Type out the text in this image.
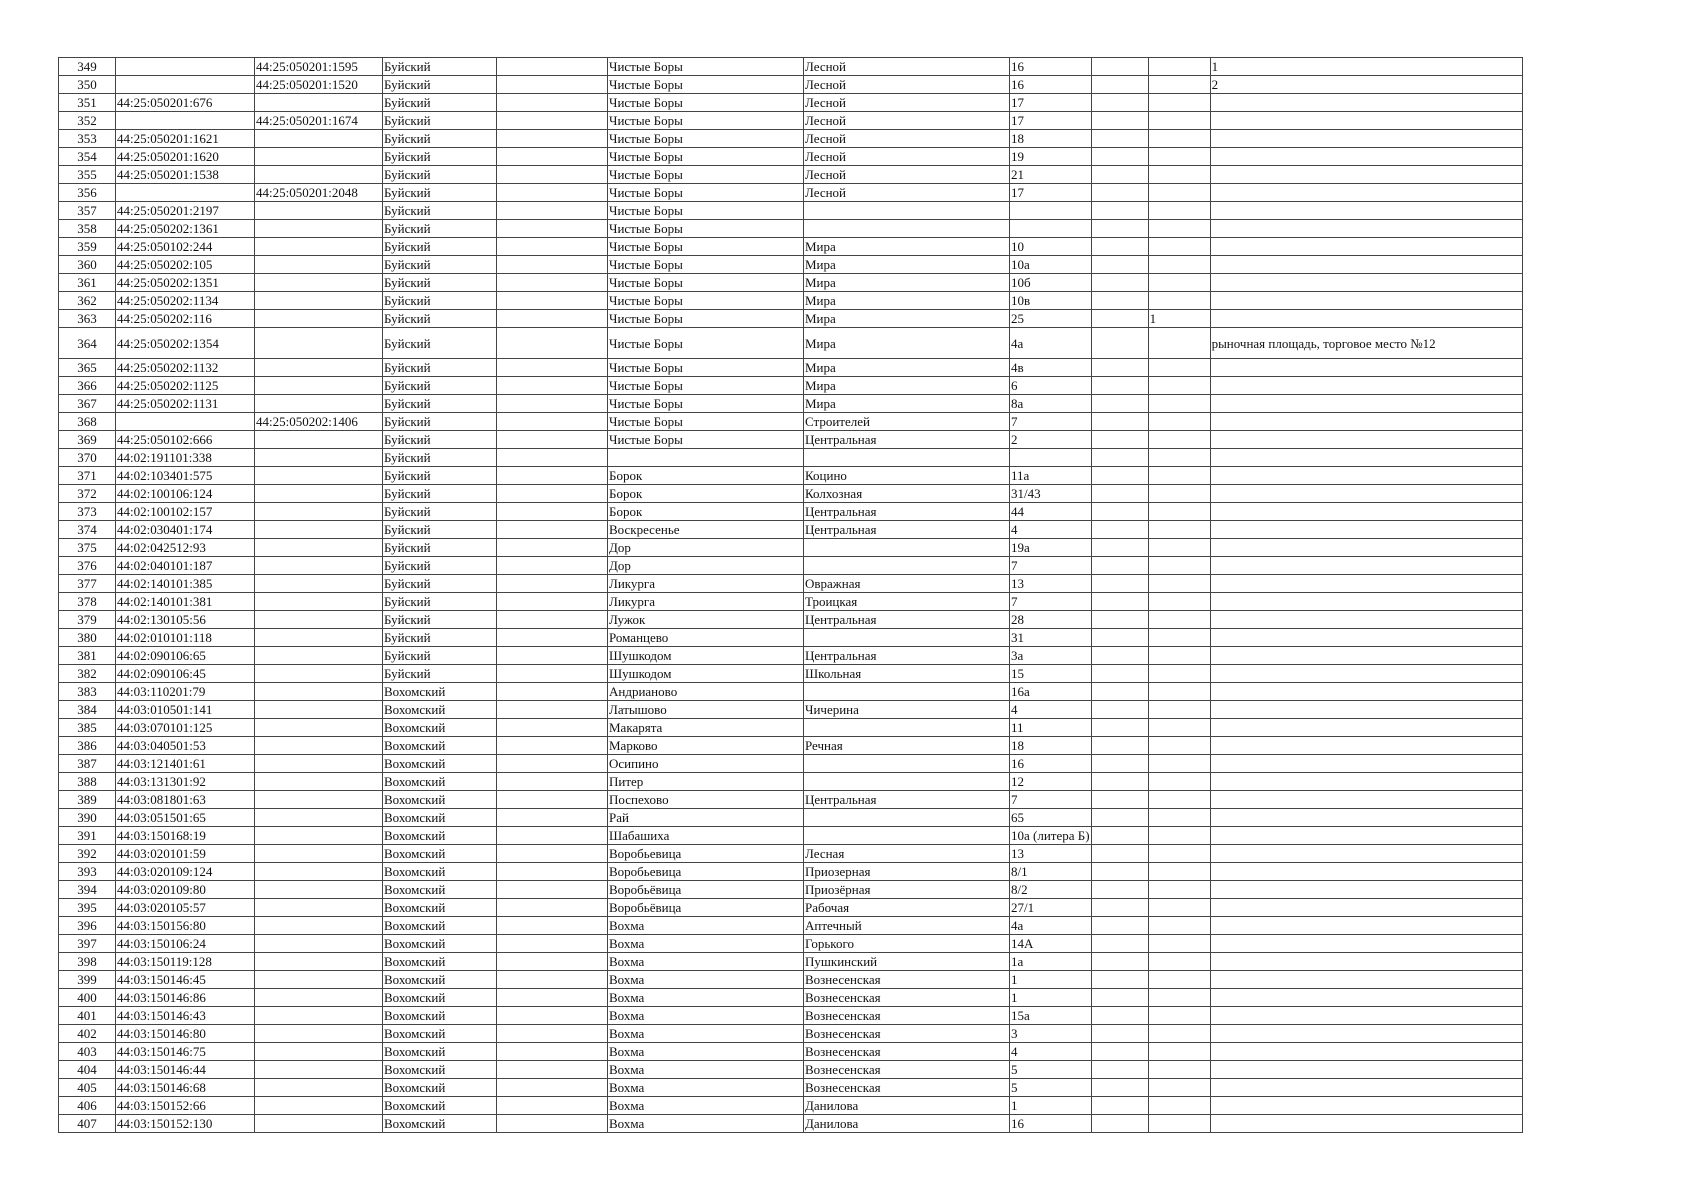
349		44:25:050201:1595	Буйский		Чистые Боры	Лесной	16			1
350		44:25:050201:1520	Буйский		Чистые Боры	Лесной	16			2
351	44:25:050201:676		Буйский		Чистые Боры	Лесной	17			
352		44:25:050201:1674	Буйский		Чистые Боры	Лесной	17			
353	44:25:050201:1621		Буйский		Чистые Боры	Лесной	18			
354	44:25:050201:1620		Буйский		Чистые Боры	Лесной	19			
355	44:25:050201:1538		Буйский		Чистые Боры	Лесной	21			
356		44:25:050201:2048	Буйский		Чистые Боры	Лесной	17			
357	44:25:050201:2197		Буйский		Чистые Боры					
358	44:25:050202:1361		Буйский		Чистые Боры					
359	44:25:050102:244		Буйский		Чистые Боры	Мира	10			
360	44:25:050202:105		Буйский		Чистые Боры	Мира	10а			
361	44:25:050202:1351		Буйский		Чистые Боры	Мира	10б			
362	44:25:050202:1134		Буйский		Чистые Боры	Мира	10в			
363	44:25:050202:116		Буйский		Чистые Боры	Мира	25		1	
364	44:25:050202:1354		Буйский		Чистые Боры	Мира	4а			рыночная площадь, торговое место №12
365	44:25:050202:1132		Буйский		Чистые Боры	Мира	4в			
366	44:25:050202:1125		Буйский		Чистые Боры	Мира	6			
367	44:25:050202:1131		Буйский		Чистые Боры	Мира	8а			
368		44:25:050202:1406	Буйский		Чистые Боры	Строителей	7			
369	44:25:050102:666		Буйский		Чистые Боры	Центральная	2			
370	44:02:191101:338		Буйский							
371	44:02:103401:575		Буйский		Борок	Коцино	11а			
372	44:02:100106:124		Буйский		Борок	Колхозная	31/43			
373	44:02:100102:157		Буйский		Борок	Центральная	44			
374	44:02:030401:174		Буйский		Воскресенье	Центральная	4			
375	44:02:042512:93		Буйский		Дор		19а			
376	44:02:040101:187		Буйский		Дор		7			
377	44:02:140101:385		Буйский		Ликурга	Овражная	13			
378	44:02:140101:381		Буйский		Ликурга	Троицкая	7			
379	44:02:130105:56		Буйский		Лужок	Центральная	28			
380	44:02:010101:118		Буйский		Романцево		31			
381	44:02:090106:65		Буйский		Шушкодом	Центральная	3а			
382	44:02:090106:45		Буйский		Шушкодом	Школьная	15			
383	44:03:110201:79		Вохомский		Андрианово		16а			
384	44:03:010501:141		Вохомский		Латышово	Чичерина	4			
385	44:03:070101:125		Вохомский		Макарята		11			
386	44:03:040501:53		Вохомский		Марково	Речная	18			
387	44:03:121401:61		Вохомский		Осипино		16			
388	44:03:131301:92		Вохомский		Питер		12			
389	44:03:081801:63		Вохомский		Поспехово	Центральная	7			
390	44:03:051501:65		Вохомский		Рай		65			
391	44:03:150168:19		Вохомский		Шабашиха		10а (литера Б)			
392	44:03:020101:59		Вохомский		Воробьевица	Лесная	13			
393	44:03:020109:124		Вохомский		Воробьевица	Приозерная	8/1			
394	44:03:020109:80		Вохомский		Воробьёвица	Приозёрная	8/2			
395	44:03:020105:57		Вохомский		Воробьёвица	Рабочая	27/1			
396	44:03:150156:80		Вохомский		Вохма	Аптечный	4а			
397	44:03:150106:24		Вохомский		Вохма	Горького	14А			
398	44:03:150119:128		Вохомский		Вохма	Пушкинский	1а			
399	44:03:150146:45		Вохомский		Вохма	Вознесенская	1			
400	44:03:150146:86		Вохомский		Вохма	Вознесенская	1			
401	44:03:150146:43		Вохомский		Вохма	Вознесенская	15а			
402	44:03:150146:80		Вохомский		Вохма	Вознесенская	3			
403	44:03:150146:75		Вохомский		Вохма	Вознесенская	4			
404	44:03:150146:44		Вохомский		Вохма	Вознесенская	5			
405	44:03:150146:68		Вохомский		Вохма	Вознесенская	5			
406	44:03:150152:66		Вохомский		Вохма	Данилова	1			
407	44:03:150152:130		Вохомский		Вохма	Данилова	16			
